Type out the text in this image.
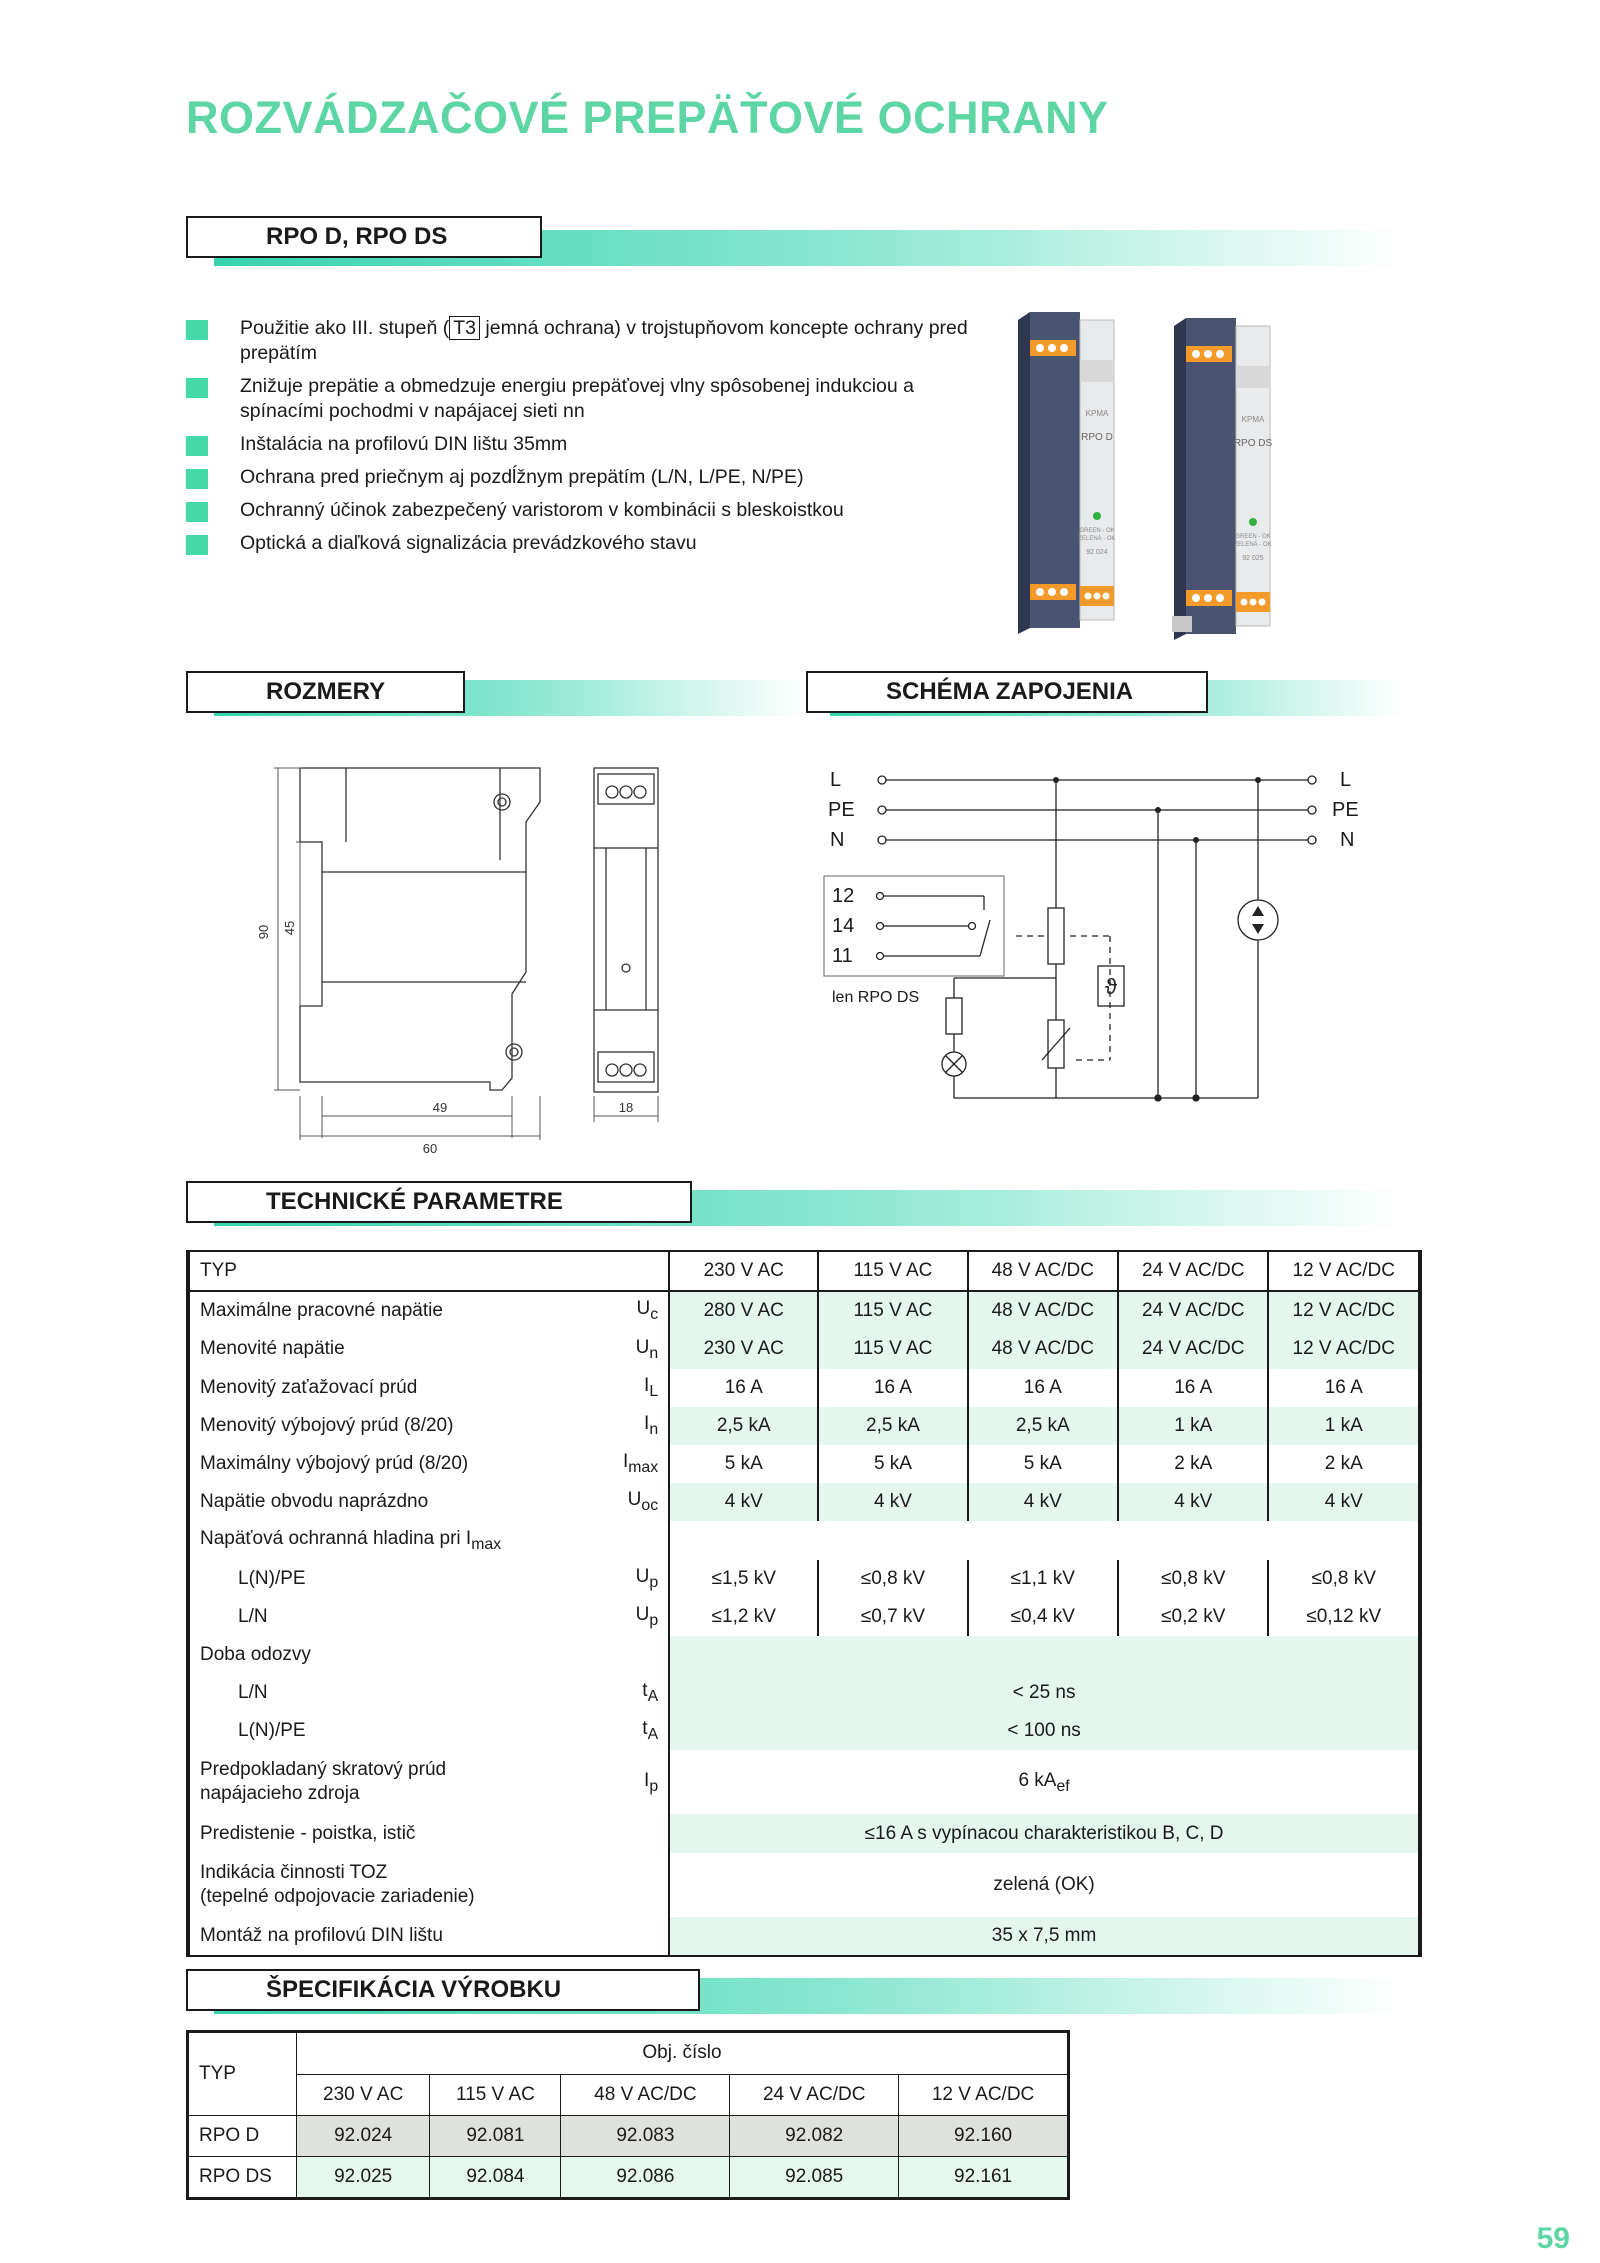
ROZVÁDZAČOVÉ PREPÄŤOVÉ OCHRANY
RPO D, RPO DS
Použitie ako III. stupeň ( T3 jemná ochrana) v trojstupňovom koncepte ochrany pred prepätím
Znižuje prepätie a obmedzuje energiu prepäťovej vlny spôsobenej indukciou a spínacími pochodmi v napájacej sieti nn
Inštalácia na profilovú DIN lištu 35mm
Ochrana pred priečnym aj pozdĺžnym prepätím (L/N, L/PE, N/PE)
Ochranný účinok zabezpečený varistorom v kombinácii s bleskoistkou
Optická a diaľková signalizácia prevádzkového stavu
KPMA
RPO D
GREEN - OK
ZELENÁ - OK
92 024
KPMA
RPO DS
GREEN - OK
ZELENÁ - OK
92 025
ROZMERY	SCHÉMA ZAPOJENIA
90 45
49
60
18
L
PE
N
L
PE
N
12
14
11
len RPO DS	ϑ
TECHNICKÉ PARAMETRE
TYP		230 V AC	115 V AC	48 V AC/DC	24 V AC/DC	12 V AC/DC
Maximálne pracovné napätie	$U_c$	280 V AC	115 V AC	48 V AC/DC	24 V AC/DC	12 V AC/DC
Menovité napätie	$U_n$	230 V AC	115 V AC	48 V AC/DC	24 V AC/DC	12 V AC/DC
Menovitý zaťažovací prúd	$I_L$	16 A	16 A	16 A	16 A	16 A
Menovitý výbojový prúd (8/20)	$I_n$	2,5 kA	2,5 kA	2,5 kA	1 kA	1 kA
Maximálny výbojový prúd (8/20)	$I_{max}$	5 kA	5 kA	5 kA	2 kA	2 kA
Napätie obvodu naprázdno	$U_{oc}$	4 kV	4 kV	4 kV	4 kV	4 kV
Napäťová ochranná hladina pri $I_{max}$	
L(N)/PE	$U_p$	≤1,5 kV	≤0,8 kV	≤1,1 kV	≤0,8 kV	≤0,8 kV
L/N	$U_p$	≤1,2 kV	≤0,7 kV	≤0,4 kV	≤0,2 kV	≤0,12 kV
Doba odozvy						
L/N	$t_A$	< 25 ns				
L(N)/PE	$t_A$	< 100 ns				
Predpokladaný skratový prúd
napájacieho zdroja	$I_p$	6 $kA_{ef}$
Predistenie - poistka, istič		≤16 A s vypínacou charakteristikou B, C, D				
Indikácia činnosti TOZ
(tepelné odpojovacie zariadenie)		zelená (OK)				
Montáž na profilovú DIN lištu		35 x 7,5 mm				
ŠPECIFIKÁCIA VÝROBKU
TYP	Obj. číslo				
	230 V AC	115 V AC	48 V AC/DC	24 V AC/DC	12 V AC/DC
RPO D	92.024	92.081	92.083	92.082	92.160
RPO DS	92.025	92.084	92.086	92.085	92.161
59
